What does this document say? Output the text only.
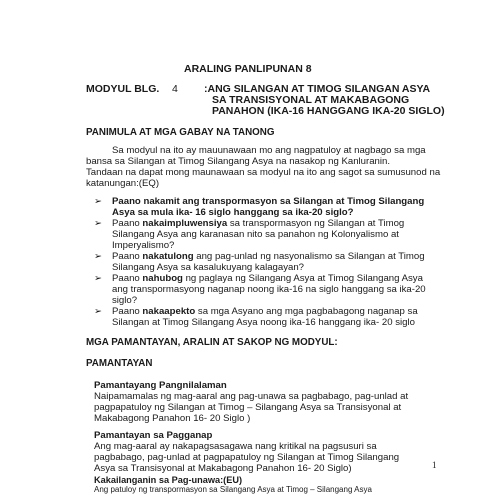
ARALING PANLIPUNAN 8
MODYUL BLG. 4 :ANG SILANGAN AT TIMOG SILANGAN ASYA
SA TRANSISYONAL AT MAKABAGONG
PANAHON (IKA-16 HANGGANG IKA-20 SIGLO)
PANIMULA AT MGA GABAY NA TANONG
Sa modyul na ito ay mauunawaan mo ang nagpatuloy at nagbago sa mga
bansa sa Silangan at Timog Silangang Asya na nasakop ng Kanluranin.
Tandaan na dapat mong maunawaan sa modyul na ito ang sagot sa sumusunod na
katanungan:(EQ)
➢ Paano nakamit ang transpormasyon sa Silangan at Timog Silangang
Asya sa mula ika- 16 siglo hanggang sa ika-20 siglo?
➢ Paano nakaimpluwensiya sa transpormasyon ng Silangan at Timog
Silangang Asya ang karanasan nito sa panahon ng Kolonyalismo at
Imperyalismo?
➢ Paano nakatulong ang pag-unlad ng nasyonalismo sa Silangan at Timog
Silangang Asya sa kasalukuyang kalagayan?
➢ Paano nahubog ng paglaya ng Silangang Asya at Timog Silangang Asya
ang transpormasyong naganap noong ika-16 na siglo hanggang sa ika-20
siglo?
➢ Paano nakaapekto sa mga Asyano ang mga pagbabagong naganap sa
Silangan at Timog Silangang Asya noong ika-16 hanggang ika- 20 siglo
MGA PAMANTAYAN, ARALIN AT SAKOP NG MODYUL:
PAMANTAYAN
Pamantayang Pangnilalaman
Naipamamalas ng mag-aaral ang pag-unawa sa pagbabago, pag-unlad at
pagpapatuloy ng Silangan at Timog – Silangang Asya sa Transisyonal at
Makabagong Panahon 16- 20 Siglo )
Pamantayan sa Pagganap
Ang mag-aaral ay nakapagsasagawa nang kritikal na pagsusuri sa
pagbabago, pag-unlad at pagpapatuloy ng Silangan at Timog Silangang
Asya sa Transisyonal at Makabagong Panahon 16- 20 Siglo)	1
Kakailanganin sa Pag-unawa:(EU)
Ang patuloy ng transpormasyon sa Silangang Asya at Timog – Silangang Asya
